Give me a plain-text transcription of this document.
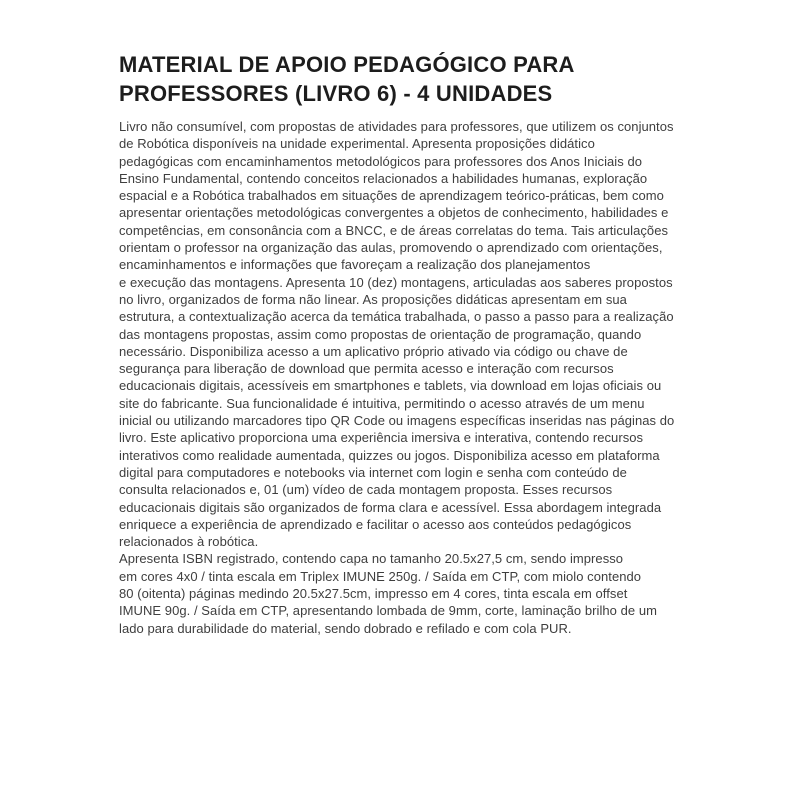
MATERIAL DE APOIO PEDAGÓGICO PARA
PROFESSORES (LIVRO 6) - 4 UNIDADES
Livro não consumível, com propostas de atividades para professores, que utilizem os conjuntos
de Robótica disponíveis na unidade experimental. Apresenta proposições didático
pedagógicas com encaminhamentos metodológicos para professores dos Anos Iniciais do
Ensino Fundamental, contendo conceitos relacionados a habilidades humanas, exploração
espacial e a Robótica trabalhados em situações de aprendizagem teórico-práticas, bem como
apresentar orientações metodológicas convergentes a objetos de conhecimento, habilidades e
competências, em consonância com a BNCC, e de áreas correlatas do tema. Tais articulações
orientam o professor na organização das aulas, promovendo o aprendizado com orientações,
encaminhamentos e informações que favoreçam a realização dos planejamentos
e execução das montagens. Apresenta 10 (dez) montagens, articuladas aos saberes propostos
no livro, organizados de forma não linear. As proposições didáticas apresentam em sua
estrutura, a contextualização acerca da temática trabalhada, o passo a passo para a realização
das montagens propostas, assim como propostas de orientação de programação, quando
necessário. Disponibiliza acesso a um aplicativo próprio ativado via código ou chave de
segurança para liberação de download que permita acesso e interação com recursos
educacionais digitais, acessíveis em smartphones e tablets, via download em lojas oficiais ou
site do fabricante. Sua funcionalidade é intuitiva, permitindo o acesso através de um menu
inicial ou utilizando marcadores tipo QR Code ou imagens específicas inseridas nas páginas do
livro. Este aplicativo proporciona uma experiência imersiva e interativa, contendo recursos
interativos como realidade aumentada, quizzes ou jogos. Disponibiliza acesso em plataforma
digital para computadores e notebooks via internet com login e senha com conteúdo de
consulta relacionados e, 01 (um) vídeo de cada montagem proposta. Esses recursos
educacionais digitais são organizados de forma clara e acessível. Essa abordagem integrada
enriquece a experiência de aprendizado e facilitar o acesso aos conteúdos pedagógicos
relacionados à robótica.
Apresenta ISBN registrado, contendo capa no tamanho 20.5x27,5 cm, sendo impresso
em cores 4x0 / tinta escala em Triplex IMUNE 250g. / Saída em CTP, com miolo contendo
80 (oitenta) páginas medindo 20.5x27.5cm, impresso em 4 cores, tinta escala em offset
IMUNE 90g. / Saída em CTP, apresentando lombada de 9mm, corte, laminação brilho de um
lado para durabilidade do material, sendo dobrado e refilado e com cola PUR.
